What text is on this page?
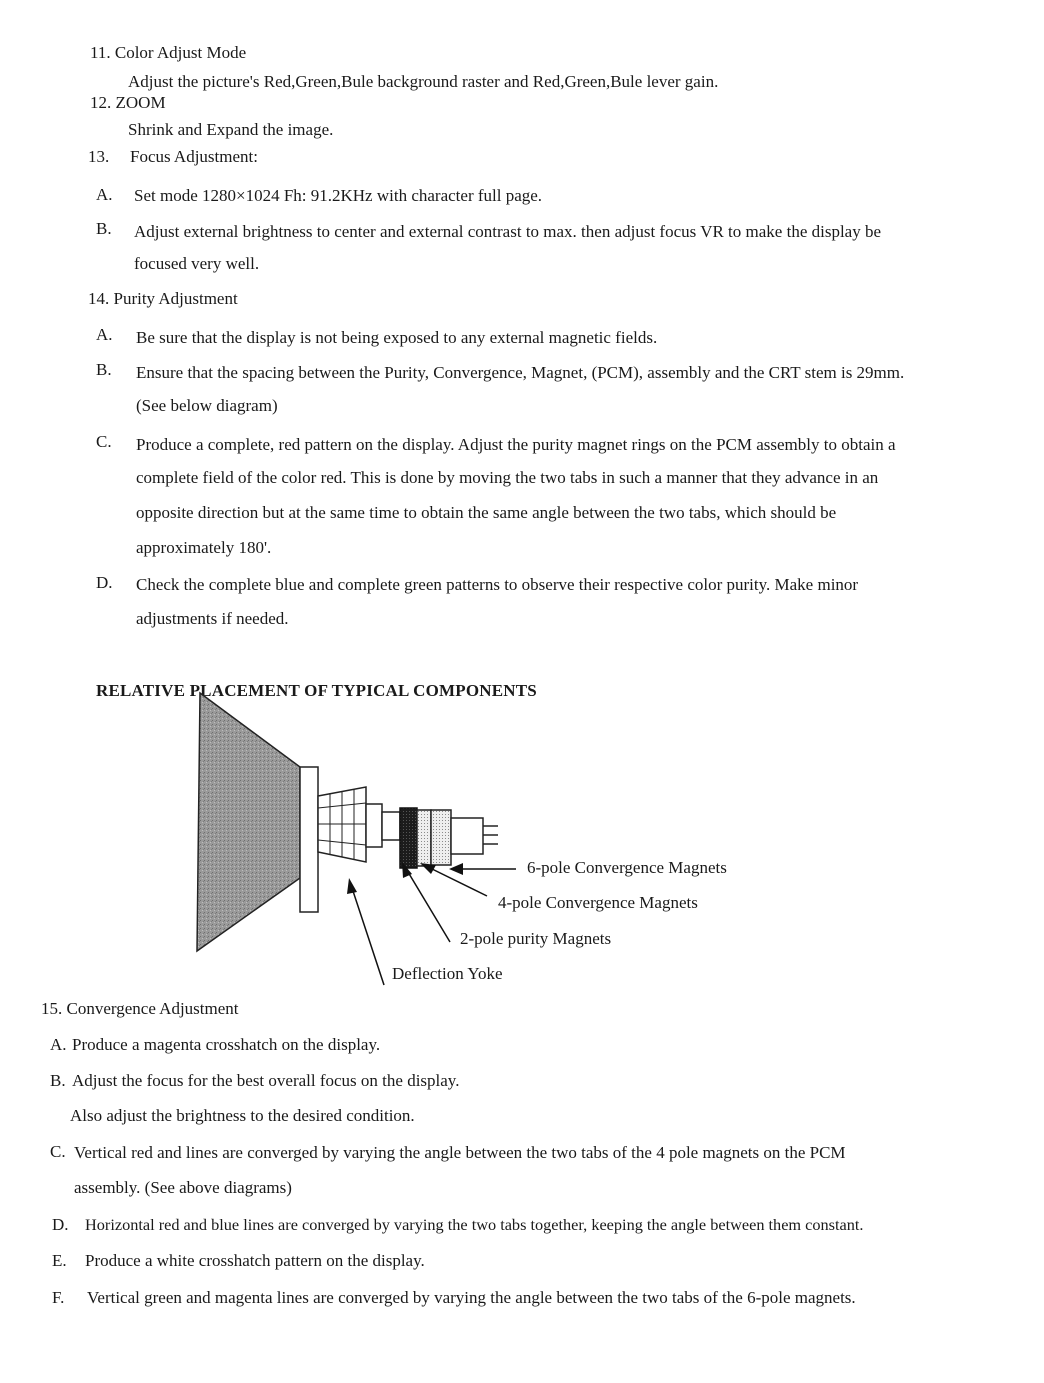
11. Color Adjust Mode
Adjust the picture's Red,Green,Bule background raster and Red,Green,Bule lever gain.
12. ZOOM
Shrink and Expand the image.
13. Focus Adjustment:
A. Set mode 1280×1024 Fh: 91.2KHz with character full page.
B. Adjust external brightness to center and external contrast to max. then adjust focus VR to make the display be
focused very well.
14. Purity Adjustment
A. Be sure that the display is not being exposed to any external magnetic fields.
B. Ensure that the spacing between the Purity, Convergence, Magnet, (PCM), assembly and the CRT stem is 29mm.
(See below diagram)
C. Produce a complete, red pattern on the display. Adjust the purity magnet rings on the PCM assembly to obtain a
complete field of the color red. This is done by moving the two tabs in such a manner that they advance in an
opposite direction but at the same time to obtain the same angle between the two tabs, which should be
approximately 180'.
D. Check the complete blue and complete green patterns to observe their respective color purity. Make minor
adjustments if needed.
RELATIVE PLACEMENT OF TYPICAL COMPONENTS
6-pole Convergence Magnets
4-pole Convergence Magnets
2-pole purity Magnets
Deflection Yoke
15. Convergence Adjustment
A. Produce a magenta crosshatch on the display.
B. Adjust the focus for the best overall focus on the display.
Also adjust the brightness to the desired condition.
C. Vertical red and lines are converged by varying the angle between the two tabs of the 4 pole magnets on the PCM
assembly. (See above diagrams)
D. Horizontal red and blue lines are converged by varying the two tabs together, keeping the angle between them constant.
E. Produce a white crosshatch pattern on the display.
F. Vertical green and magenta lines are converged by varying the angle between the two tabs of the 6-pole magnets.
